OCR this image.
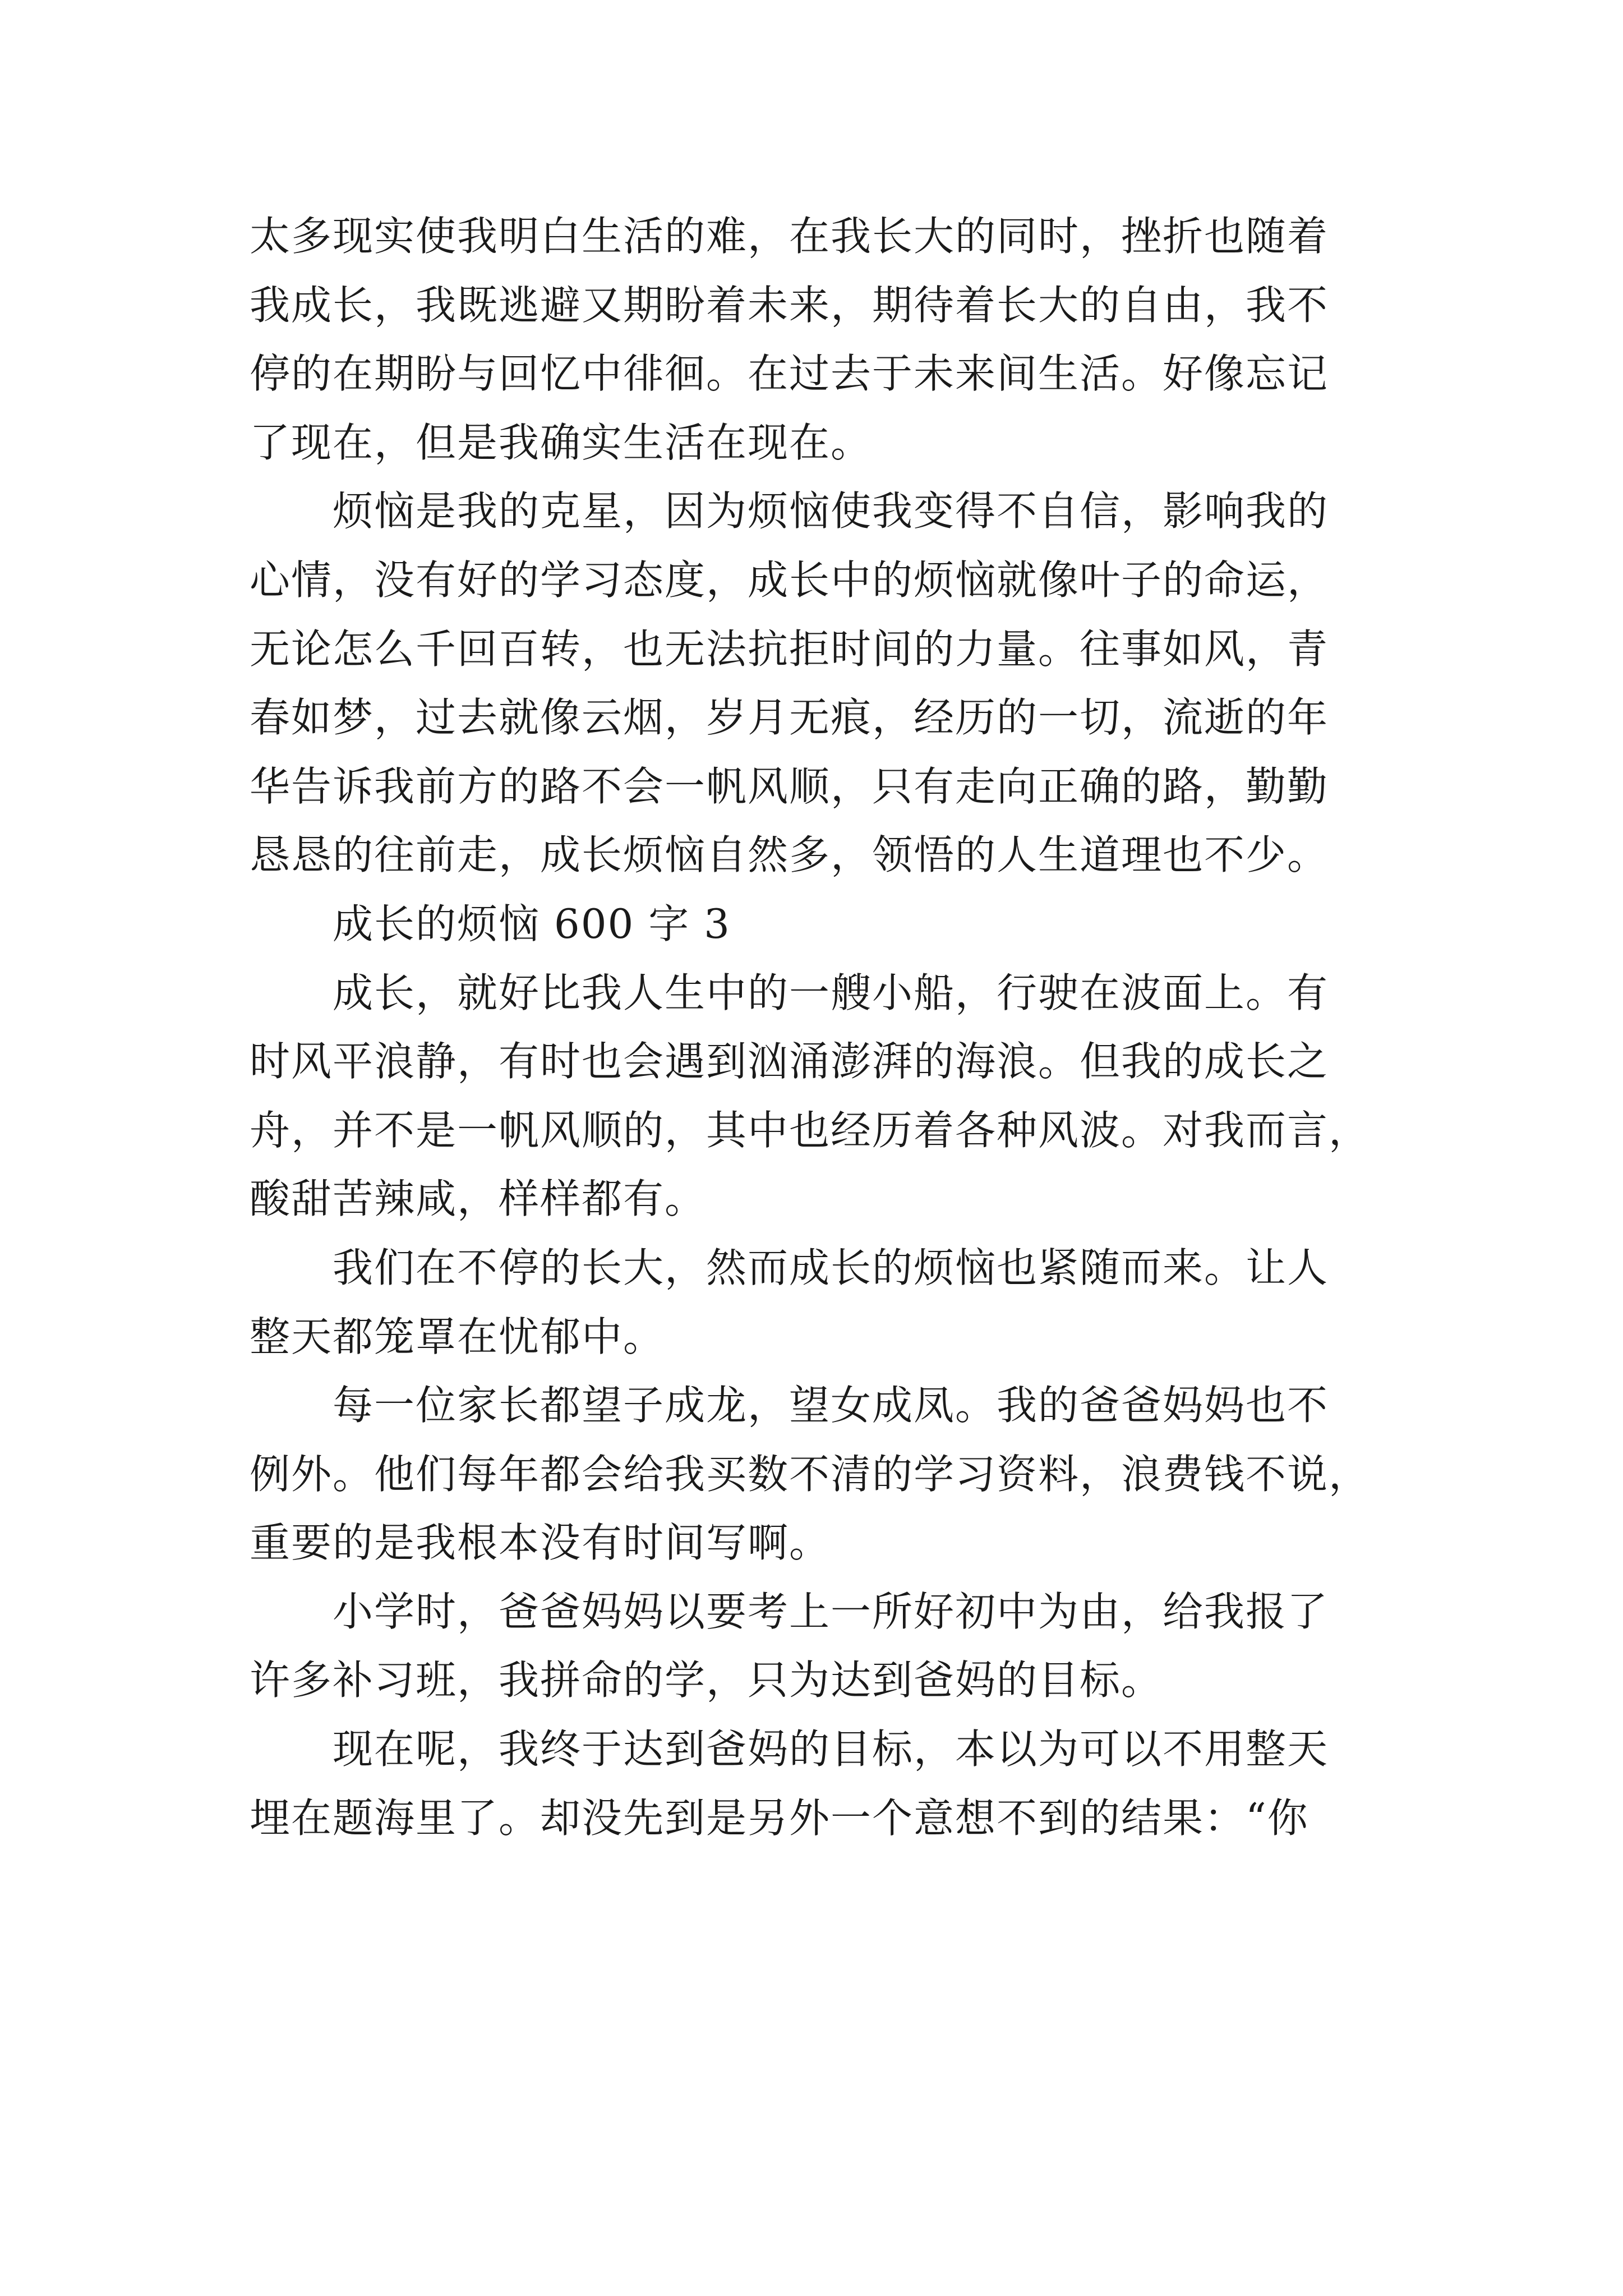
太多现实使我明白生活的难，在我长大的同时，挫折也随着

我成长，我既逃避又期盼着未来，期待着长大的自由，我不

停的在期盼与回忆中徘徊。在过去于未来间生活。好像忘记

了现在，但是我确实生活在现在。

　　烦恼是我的克星，因为烦恼使我变得不自信，影响我的

心情，没有好的学习态度，成长中的烦恼就像叶子的命运，

无论怎么千回百转，也无法抗拒时间的力量。往事如风，青

春如梦，过去就像云烟，岁月无痕，经历的一切，流逝的年

华告诉我前方的路不会一帆风顺，只有走向正确的路，勤勤

恳恳的往前走，成长烦恼自然多，领悟的人生道理也不少。

　　成长的烦恼 600 字 3

　　成长，就好比我人生中的一艘小船，行驶在波面上。有

时风平浪静，有时也会遇到汹涌澎湃的海浪。但我的成长之

舟，并不是一帆风顺的，其中也经历着各种风波。对我而言，

酸甜苦辣咸，样样都有。

　　我们在不停的长大，然而成长的烦恼也紧随而来。让人

整天都笼罩在忧郁中。

　　每一位家长都望子成龙，望女成凤。我的爸爸妈妈也不

例外。他们每年都会给我买数不清的学习资料，浪费钱不说，

重要的是我根本没有时间写啊。

　　小学时，爸爸妈妈以要考上一所好初中为由，给我报了

许多补习班，我拼命的学，只为达到爸妈的目标。

　　现在呢，我终于达到爸妈的目标，本以为可以不用整天

埋在题海里了。却没先到是另外一个意想不到的结果：“你
